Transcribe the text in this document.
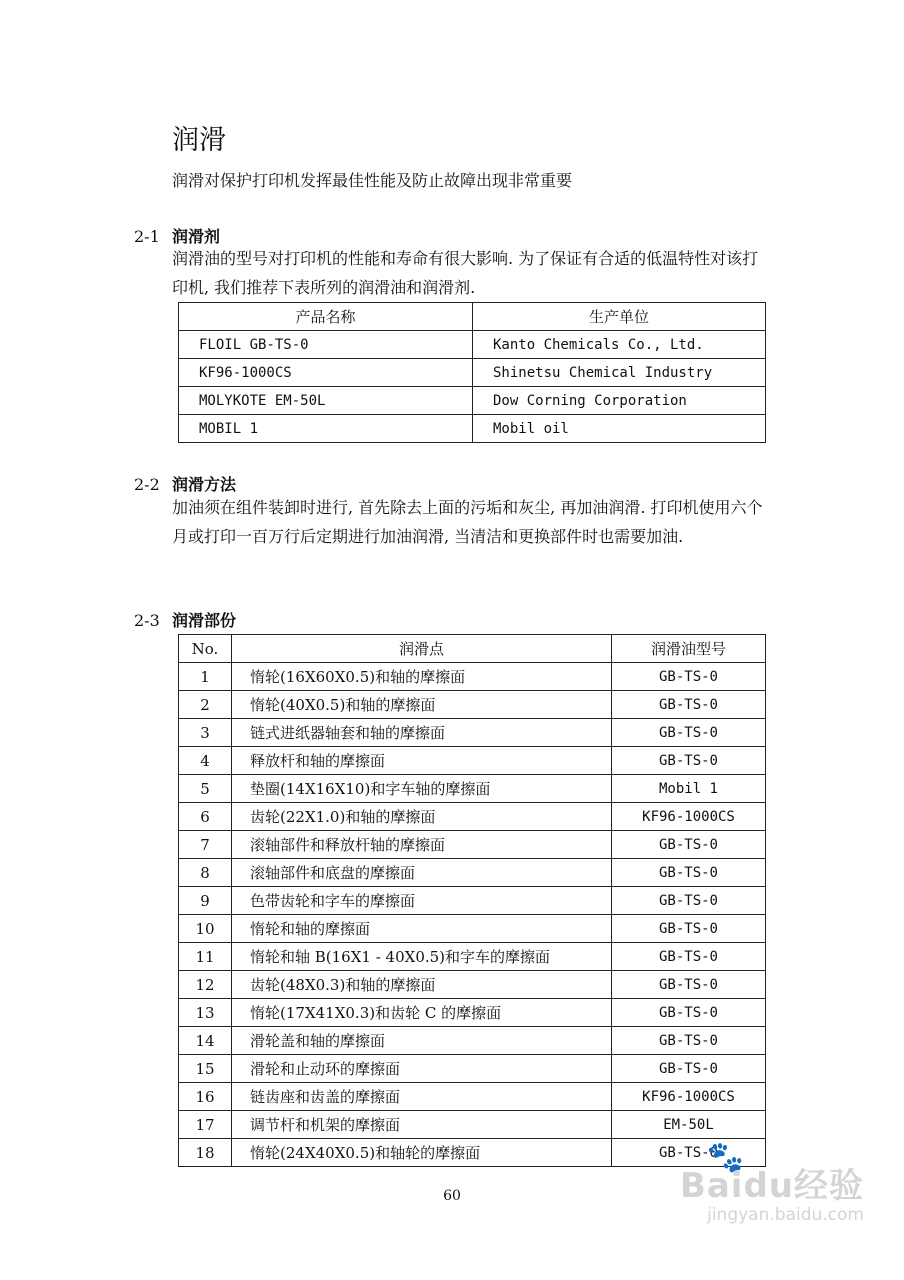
润滑
润滑对保护打印机发挥最佳性能及防止故障出现非常重要
2-1 润滑剂
润滑油的型号对打印机的性能和寿命有很大影响. 为了保证有合适的低温特性对该打印机, 我们推荐下表所列的润滑油和润滑剂.
产品名称	生产单位
FLOIL GB-TS-0	Kanto Chemicals Co., Ltd.
KF96-1000CS	Shinetsu Chemical Industry
MOLYKOTE EM-50L	Dow Corning Corporation
MOBIL 1	Mobil oil
2-2 润滑方法
加油须在组件装卸时进行, 首先除去上面的污垢和灰尘, 再加油润滑. 打印机使用六个月或打印一百万行后定期进行加油润滑, 当清洁和更换部件时也需要加油.
2-3 润滑部份
No.	润滑点	润滑油型号
1	惰轮(16X60X0.5)和轴的摩擦面	GB-TS-0
2	惰轮(40X0.5)和轴的摩擦面	GB-TS-0
3	链式进纸器轴套和轴的摩擦面	GB-TS-0
4	释放杆和轴的摩擦面	GB-TS-0
5	垫圈(14X16X10)和字车轴的摩擦面	Mobil 1
6	齿轮(22X1.0)和轴的摩擦面	KF96-1000CS
7	滚轴部件和释放杆轴的摩擦面	GB-TS-0
8	滚轴部件和底盘的摩擦面	GB-TS-0
9	色带齿轮和字车的摩擦面	GB-TS-0
10	惰轮和轴的摩擦面	GB-TS-0
11	惰轮和轴 B(16X1 - 40X0.5)和字车的摩擦面	GB-TS-0
12	齿轮(48X0.3)和轴的摩擦面	GB-TS-0
13	惰轮(17X41X0.3)和齿轮 C 的摩擦面	GB-TS-0
14	滑轮盖和轴的摩擦面	GB-TS-0
15	滑轮和止动环的摩擦面	GB-TS-0
16	链齿座和齿盖的摩擦面	KF96-1000CS
17	调节杆和机架的摩擦面	EM-50L
18	惰轮(24X40X0.5)和轴轮的摩擦面	GB-TS-0
60
🐾
Baidu经验
jingyan.baidu.com
